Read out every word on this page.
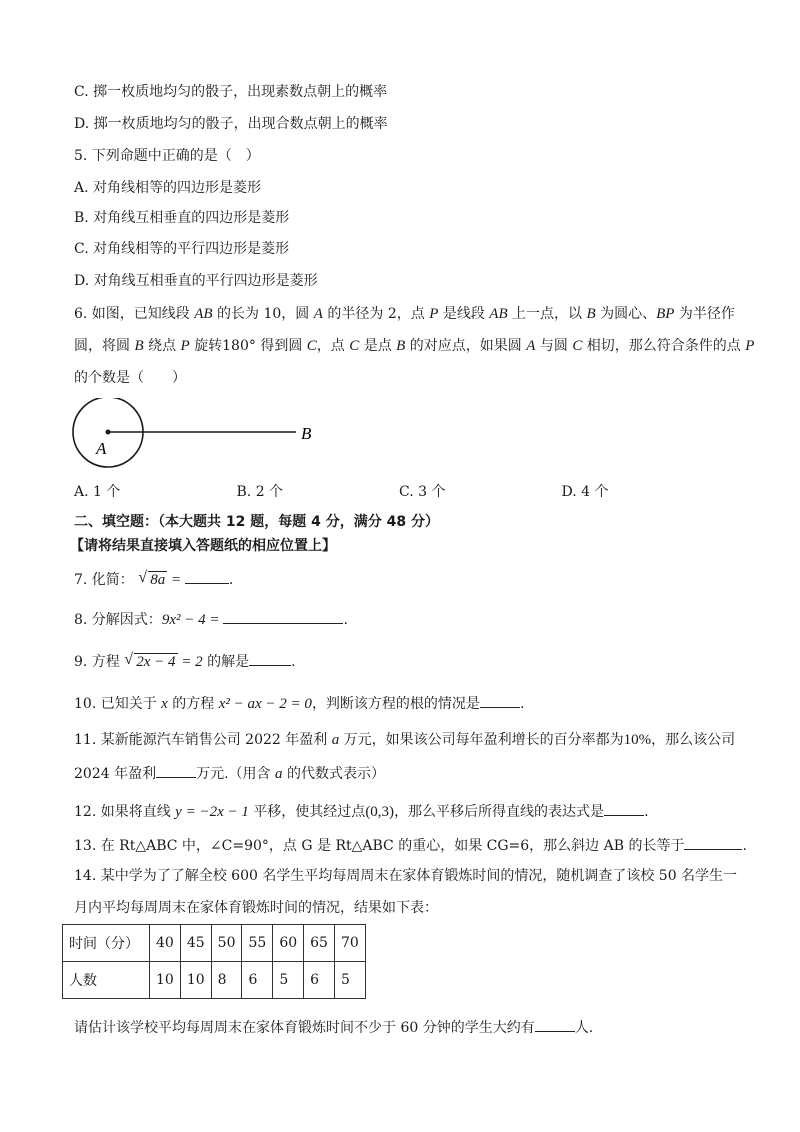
C. 掷一枚质地均匀的骰子，出现素数点朝上的概率
D. 掷一枚质地均匀的骰子，出现合数点朝上的概率
5. 下列命题中正确的是（　）
A. 对角线相等的四边形是菱形
B. 对角线互相垂直的四边形是菱形
C. 对角线相等的平行四边形是菱形
D. 对角线互相垂直的平行四边形是菱形
6. 如图，已知线段 AB 的长为 10，圆 A 的半径为 2，点 P 是线段 AB 上一点，以 B 为圆心、BP 为半径作
圆，将圆 B 绕点 P 旋转180° 得到圆 C，点 C 是点 B 的对应点，如果圆 A 与圆 C 相切，那么符合条件的点 P
的个数是（　　）
A
B
A. 1 个	B. 2 个	C. 3 个	D. 4 个
二、填空题：（本大题共 12 题，每题 4 分，满分 48 分）
【请将结果直接填入答题纸的相应位置上】
7. 化简： √ 8a =	.
8. 分解因式：9x² − 4 =	.
9. 方程 √ 2x − 4 = 2 的解是	.
10. 已知关于 x 的方程 x² − ax − 2 = 0，判断该方程的根的情况是	.
11. 某新能源汽车销售公司 2022 年盈利 a 万元，如果该公司每年盈利增长的百分率都为10%，那么该公司
2024 年盈利	万元.（用含 a 的代数式表示）
12. 如果将直线 y = −2x − 1 平移，使其经过点(0,3)，那么平移后所得直线的表达式是	.
13. 在 Rt△ABC 中，∠C=90°，点 G 是 Rt△ABC 的重心，如果 CG=6，那么斜边 AB 的长等于	.
14. 某中学为了了解全校 600 名学生平均每周周末在家体育锻炼时间的情况，随机调查了该校 50 名学生一
月内平均每周周末在家体育锻炼时间的情况，结果如下表：
时间（分）	40	45	50	55	60	65	70
人数	10	10	8	6	5	6	5
请估计该学校平均每周周末在家体育锻炼时间不少于 60 分钟的学生大约有	人.
